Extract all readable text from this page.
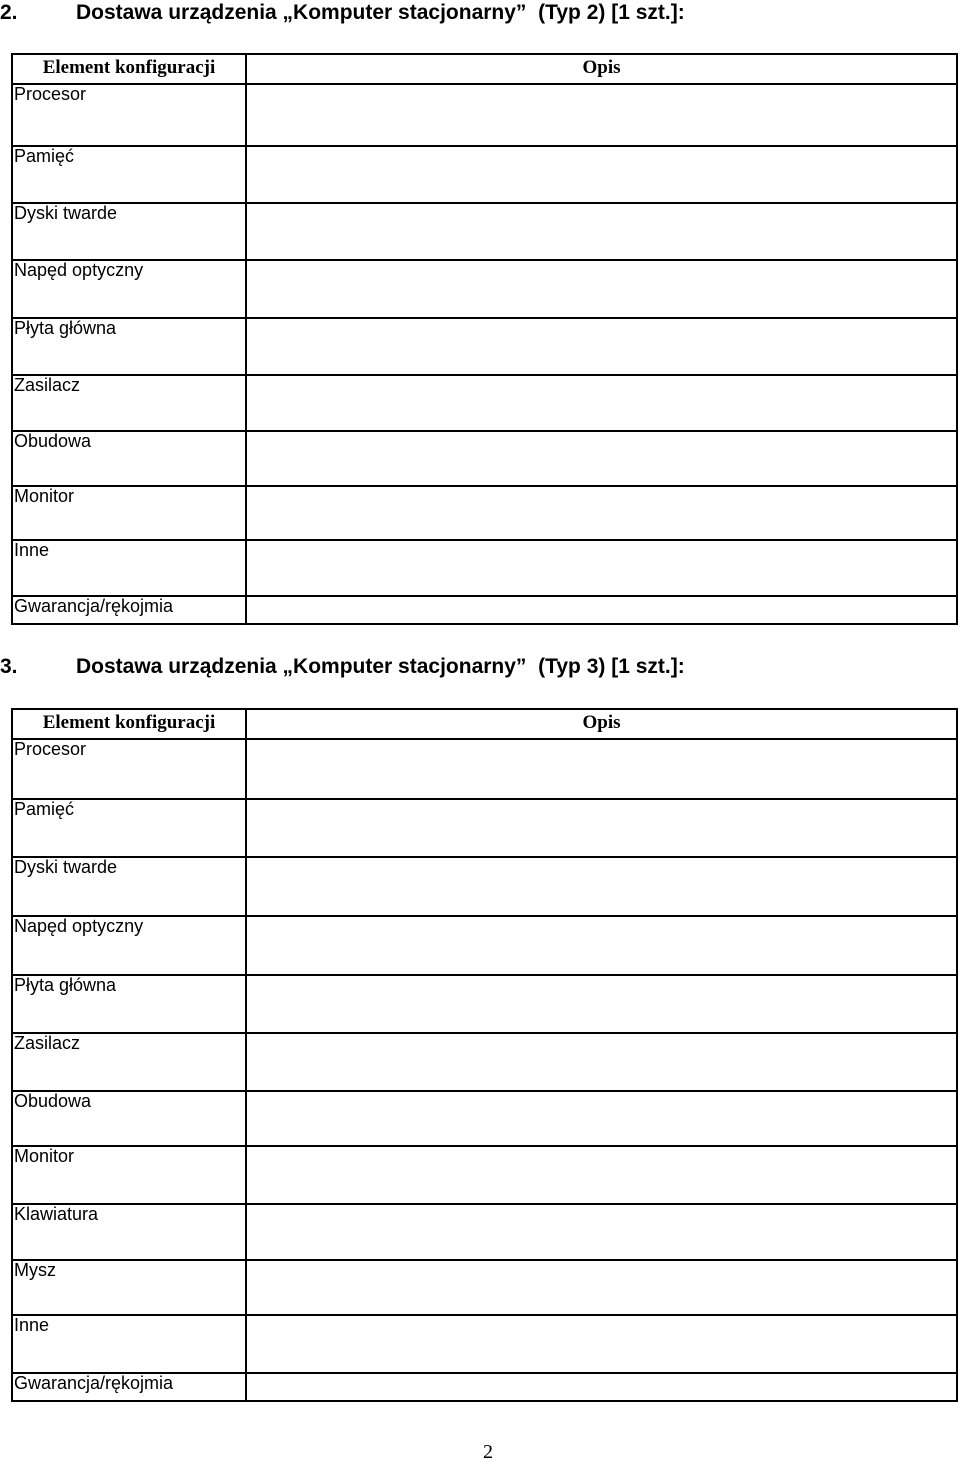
2.	Dostawa urządzenia „Komputer stacjonarny”  (Typ 2) [1 szt.]:
Element konfiguracji	Opis

Procesor	

Pamięć	

Dyski twarde	

Napęd optyczny	

Płyta główna	

Zasilacz	

Obudowa	

Monitor	

Inne	

Gwarancja/rękojmia	

3.	Dostawa urządzenia „Komputer stacjonarny”  (Typ 3) [1 szt.]:
Element konfiguracji	Opis

Procesor	

Pamięć	

Dyski twarde	

Napęd optyczny	

Płyta główna	

Zasilacz	

Obudowa	

Monitor	

Klawiatura	

Mysz	

Inne	

Gwarancja/rękojmia	

2
